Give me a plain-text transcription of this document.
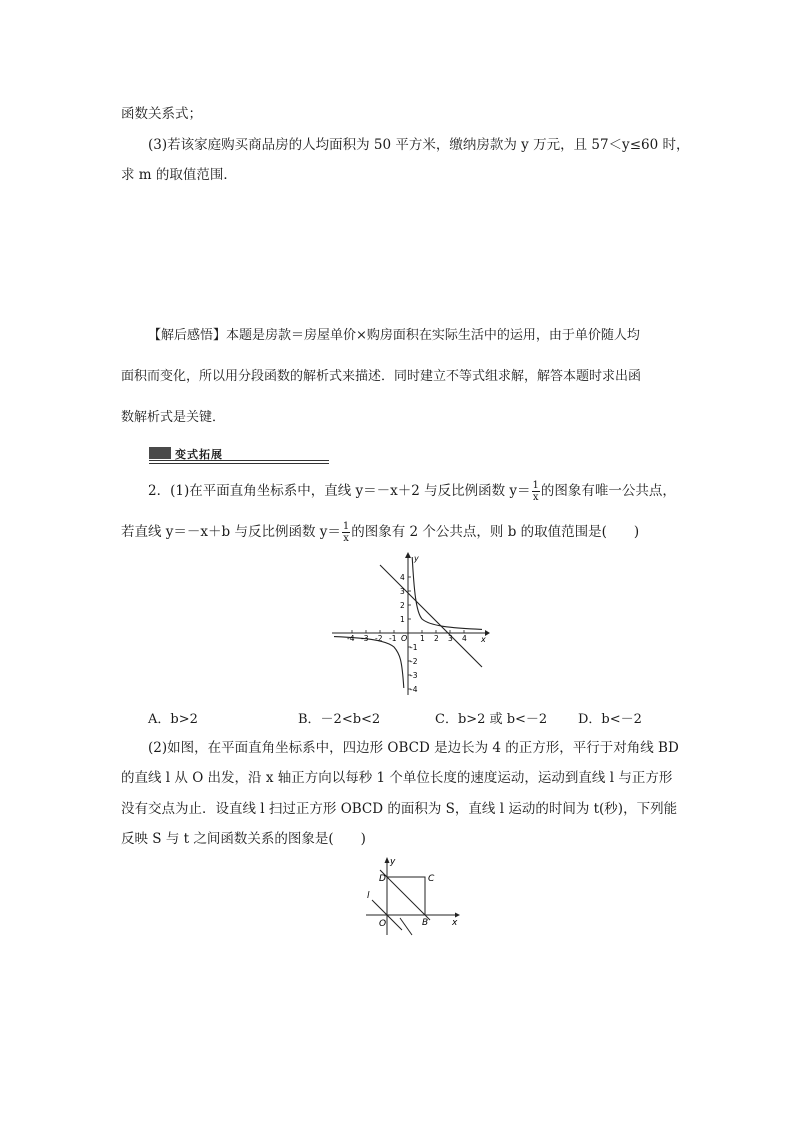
函数关系式；
(3)若该家庭购买商品房的人均面积为 50 平方米，缴纳房款为 y 万元，且 57＜y≤60 时，
求 m 的取值范围．
【解后感悟】本题是房款＝房屋单价×购房面积在实际生活中的运用，由于单价随人均
面积而变化，所以用分段函数的解析式来描述．同时建立不等式组求解，解答本题时求出函
数解析式是关键．
变式拓展
2．(1)在平面直角坐标系中，直线 y＝－x＋2 与反比例函数 $y= \frac{1}{x}$ 的图象有唯一公共点，
若直线 y＝－x＋b 与反比例函数 $y= \frac{1}{x}$ 的图象有 2 个公共点，则 b 的取值范围是(　　)
y
x
O 1 2 3 4
-4 -3 -2 -1
4
3
2
1
-1
-2
-3
-4
A．b>2	B．－2<b<2	C．b>2 或 b<－2 D．b<－2
(2)如图，在平面直角坐标系中，四边形 OBCD 是边长为 4 的正方形，平行于对角线 BD
的直线 l 从 O 出发，沿 x 轴正方向以每秒 1 个单位长度的速度运动，运动到直线 l 与正方形
没有交点为止．设直线 l 扫过正方形 OBCD 的面积为 S，直线 l 运动的时间为 t(秒)，下列能
反映 S 与 t 之间函数关系的图象是(　　)
y
x
O	B
C
D
l
